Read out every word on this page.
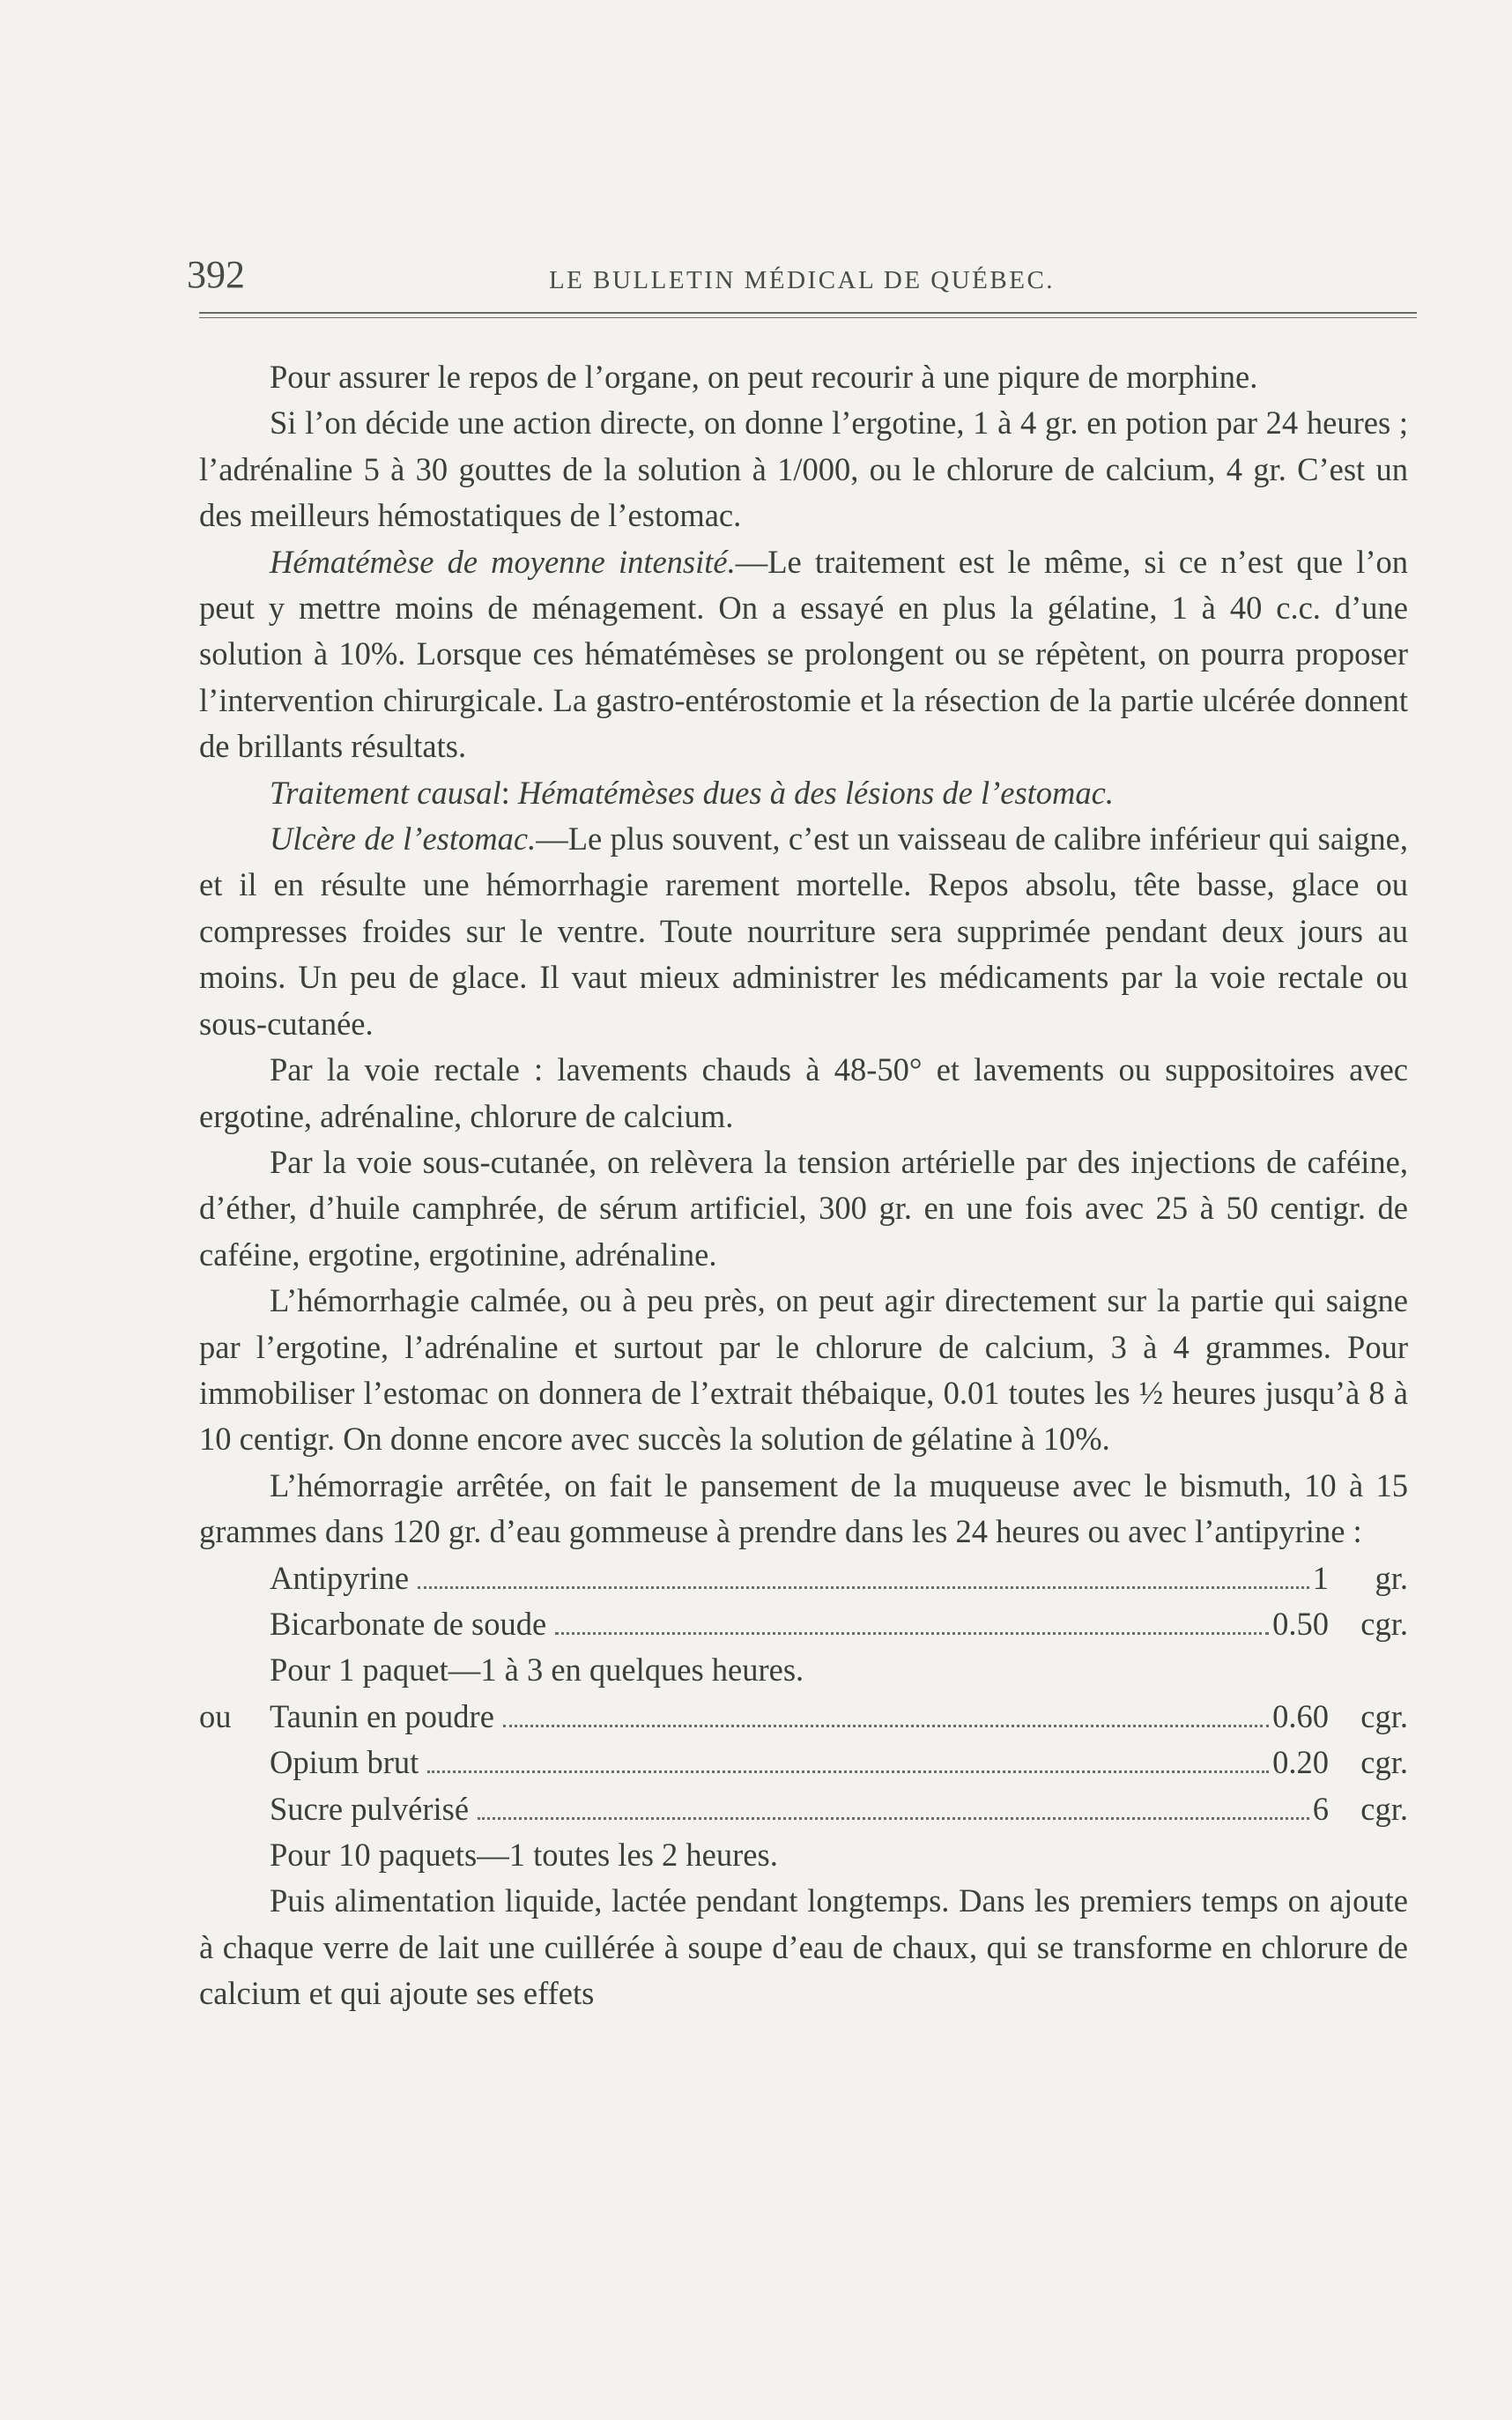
392	LE BULLETIN MÉDICAL DE QUÉBEC.

Pour assurer le repos de l’organe, on peut recourir à une piqure de morphine.

Si l’on décide une action directe, on donne l’ergotine, 1 à 4 gr. en potion par 24 heures ; l’adrénaline 5 à 30 gouttes de la solution à 1/000, ou le chlorure de calcium, 4 gr. C’est un des meilleurs hémostatiques de l’estomac.

Hématémèse de moyenne intensité.—Le traitement est le même, si ce n’est que l’on peut y mettre moins de ménagement. On a essayé en plus la gélatine, 1 à 40 c.c. d’une solution à 10%. Lorsque ces hématémèses se prolongent ou se répètent, on pourra proposer l’intervention chirurgicale. La gastro-entérostomie et la résection de la partie ulcérée donnent de brillants résultats.

Traitement causal: Hématémèses dues à des lésions de l’estomac.

Ulcère de l’estomac.—Le plus souvent, c’est un vaisseau de calibre inférieur qui saigne, et il en résulte une hémorrhagie rarement mortelle. Repos absolu, tête basse, glace ou compresses froides sur le ventre. Toute nourriture sera supprimée pendant deux jours au moins. Un peu de glace. Il vaut mieux administrer les médicaments par la voie rectale ou sous-cutanée.

Par la voie rectale : lavements chauds à 48-50° et lavements ou suppositoires avec ergotine, adrénaline, chlorure de calcium.

Par la voie sous-cutanée, on relèvera la tension artérielle par des injections de caféine, d’éther, d’huile camphrée, de sérum artificiel, 300 gr. en une fois avec 25 à 50 centigr. de caféine, ergotine, ergotinine, adrénaline.

L’hémorrhagie calmée, ou à peu près, on peut agir directement sur la partie qui saigne par l’ergotine, l’adrénaline et surtout par le chlorure de calcium, 3 à 4 grammes. Pour immobiliser l’estomac on donnera de l’extrait thébaique, 0.01 toutes les ½ heures jusqu’à 8 à 10 centigr. On donne encore avec succès la solution de gélatine à 10%.

L’hémorragie arrêtée, on fait le pansement de la muqueuse avec le bismuth, 10 à 15 grammes dans 120 gr. d’eau gommeuse à prendre dans les 24 heures ou avec l’antipyrine :

Antipyrine	1	gr.
Bicarbonate de soude	0.50 cgr.
Pour 1 paquet—1 à 3 en quelques heures.
ou	Taunin en poudre	0.60 cgr.
Opium brut	0.20 cgr.
Sucre pulvérisé	6 cgr.
Pour 10 paquets—1 toutes les 2 heures.

Puis alimentation liquide, lactée pendant longtemps. Dans les premiers temps on ajoute à chaque verre de lait une cuillérée à soupe d’eau de chaux, qui se transforme en chlorure de calcium et qui ajoute ses effets
